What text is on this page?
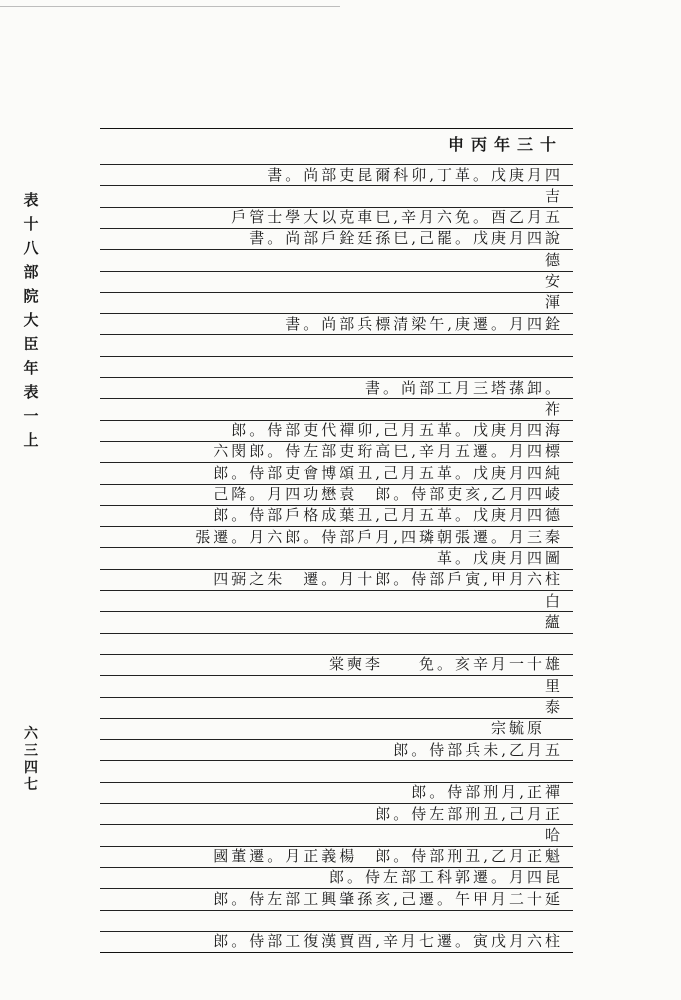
表十八　部院大臣年表一上
六三四七
申丙年三十
書。尚部吏昆爾科卯,丁革。戊庚月四
吉
戶管士學大以克車巳,辛月六免。酉乙月五
書。尚部戶銓廷孫巳,己罷。戊庚月四說
德
安
渾
書。尚部兵標清梁午,庚遷。月四銓
書。尚部工月三塔蓀卸。
祚
郎。侍部吏代禪卯,己月五革。戊庚月四海
六閔郎。侍左部吏珩高巳,辛月五遷。月四標
郎。侍部吏會博頌丑,己月五革。戊庚月四純
己降。月四功懋袁　郎。侍部吏亥,乙月四崚
郎。侍部戶格成葉丑,己月五革。戊庚月四德
張遷。月六郎。侍部戶月,四璘朝張遷。月三秦
革。戊庚月四圖
四弼之朱　遷。月十郎。侍部戶寅,甲月六柱
白
蘊
棠奭李　　免。亥辛月一十雄
里
泰
宗毓原　
郎。侍部兵未,乙月五
郎。侍部刑月,正禪
郎。侍左部刑丑,己月正
哈
國董遷。月正義楊　郎。侍部刑丑,乙月正魁
郎。侍左部工科郭遷。月四昆
郎。侍左部工興肇孫亥,己遷。午甲月二十延
郎。侍部工復漢賈酉,辛月七遷。寅戊月六柱
